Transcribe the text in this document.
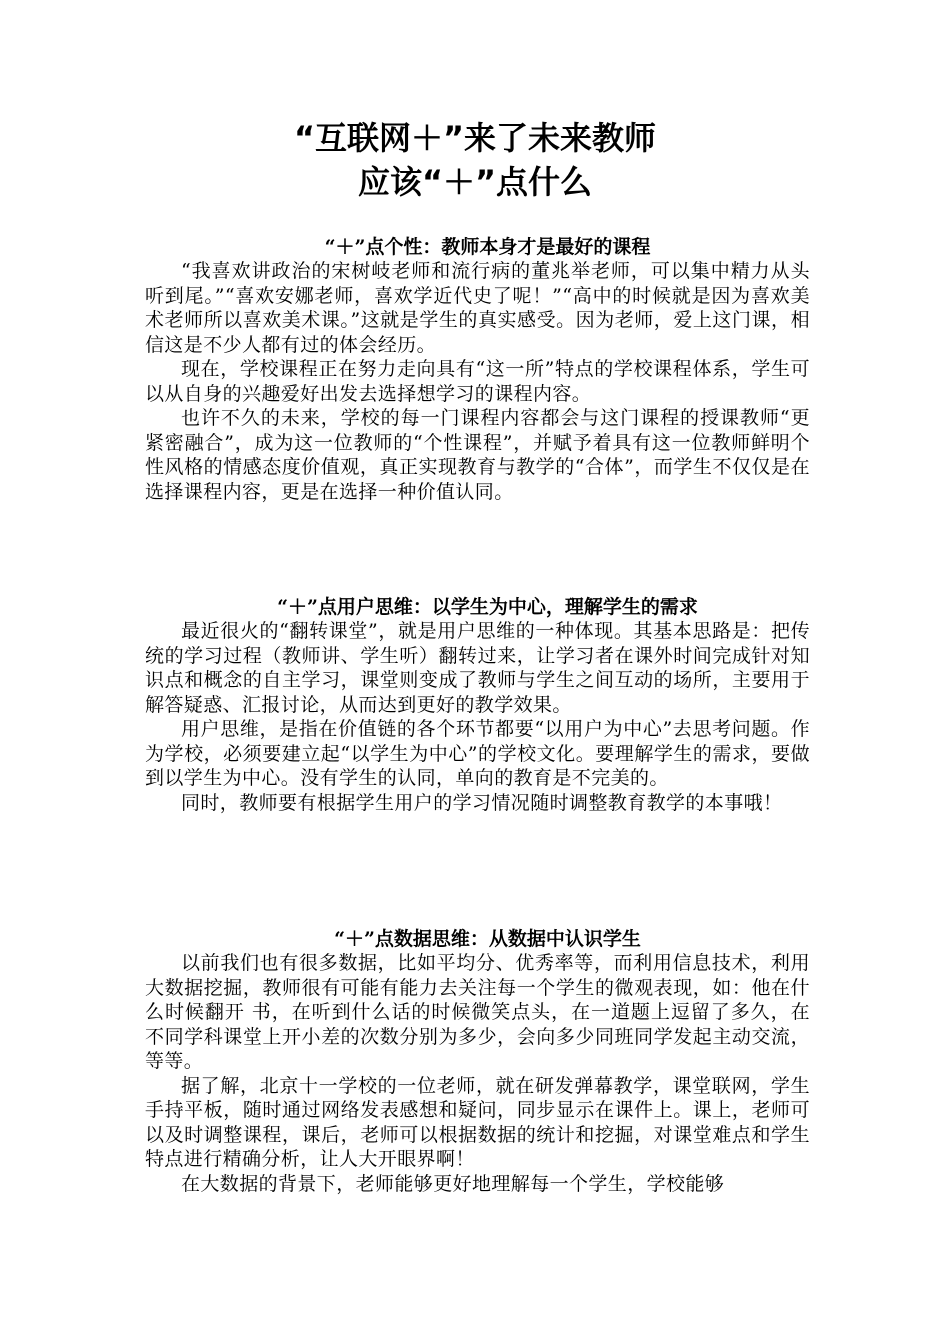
“互联网＋”来了未来教师
应该“＋”点什么
“＋”点个性：教师本身才是最好的课程

“我喜欢讲政治的宋树岐老师和流行病的董兆举老师，可以集中精力从头听到尾。”“喜欢安娜老师，喜欢学近代史了呢！”“高中的时候就是因为喜欢美术老师所以喜欢美术课。”这就是学生的真实感受。因为老师，爱上这门课，相信这是不少人都有过的体会经历。

现在，学校课程正在努力走向具有“这一所”特点的学校课程体系，学生可以从自身的兴趣爱好出发去选择想学习的课程内容。

也许不久的未来，学校的每一门课程内容都会与这门课程的授课教师“更紧密融合”，成为这一位教师的“个性课程”，并赋予着具有这一位教师鲜明个性风格的情感态度价值观，真正实现教育与教学的“合体”，而学生不仅仅是在选择课程内容，更是在选择一种价值认同。

“＋”点用户思维：以学生为中心，理解学生的需求

最近很火的“翻转课堂”，就是用户思维的一种体现。其基本思路是：把传统的学习过程（教师讲、学生听）翻转过来，让学习者在课外时间完成针对知识点和概念的自主学习，课堂则变成了教师与学生之间互动的场所，主要用于解答疑惑、汇报讨论，从而达到更好的教学效果。

用户思维，是指在价值链的各个环节都要“以用户为中心”去思考问题。作为学校，必须要建立起“以学生为中心”的学校文化。要理解学生的需求，要做到以学生为中心。没有学生的认同，单向的教育是不完美的。

同时，教师要有根据学生用户的学习情况随时调整教育教学的本事哦！

“＋”点数据思维：从数据中认识学生

以前我们也有很多数据，比如平均分、优秀率等，而利用信息技术，利用大数据挖掘，教师很有可能有能力去关注每一个学生的微观表现，如：他在什么时候翻开 书，在听到什么话的时候微笑点头，在一道题上逗留了多久，在不同学科课堂上开小差的次数分别为多少，会向多少同班同学发起主动交流，等等。

据了解，北京十一学校的一位老师，就在研发弹幕教学，课堂联网，学生手持平板，随时通过网络发表感想和疑问，同步显示在课件上。课上，老师可以及时调整课程，课后，老师可以根据数据的统计和挖掘，对课堂难点和学生特点进行精确分析，让人大开眼界啊！

在大数据的背景下，老师能够更好地理解每一个学生，学校能够
